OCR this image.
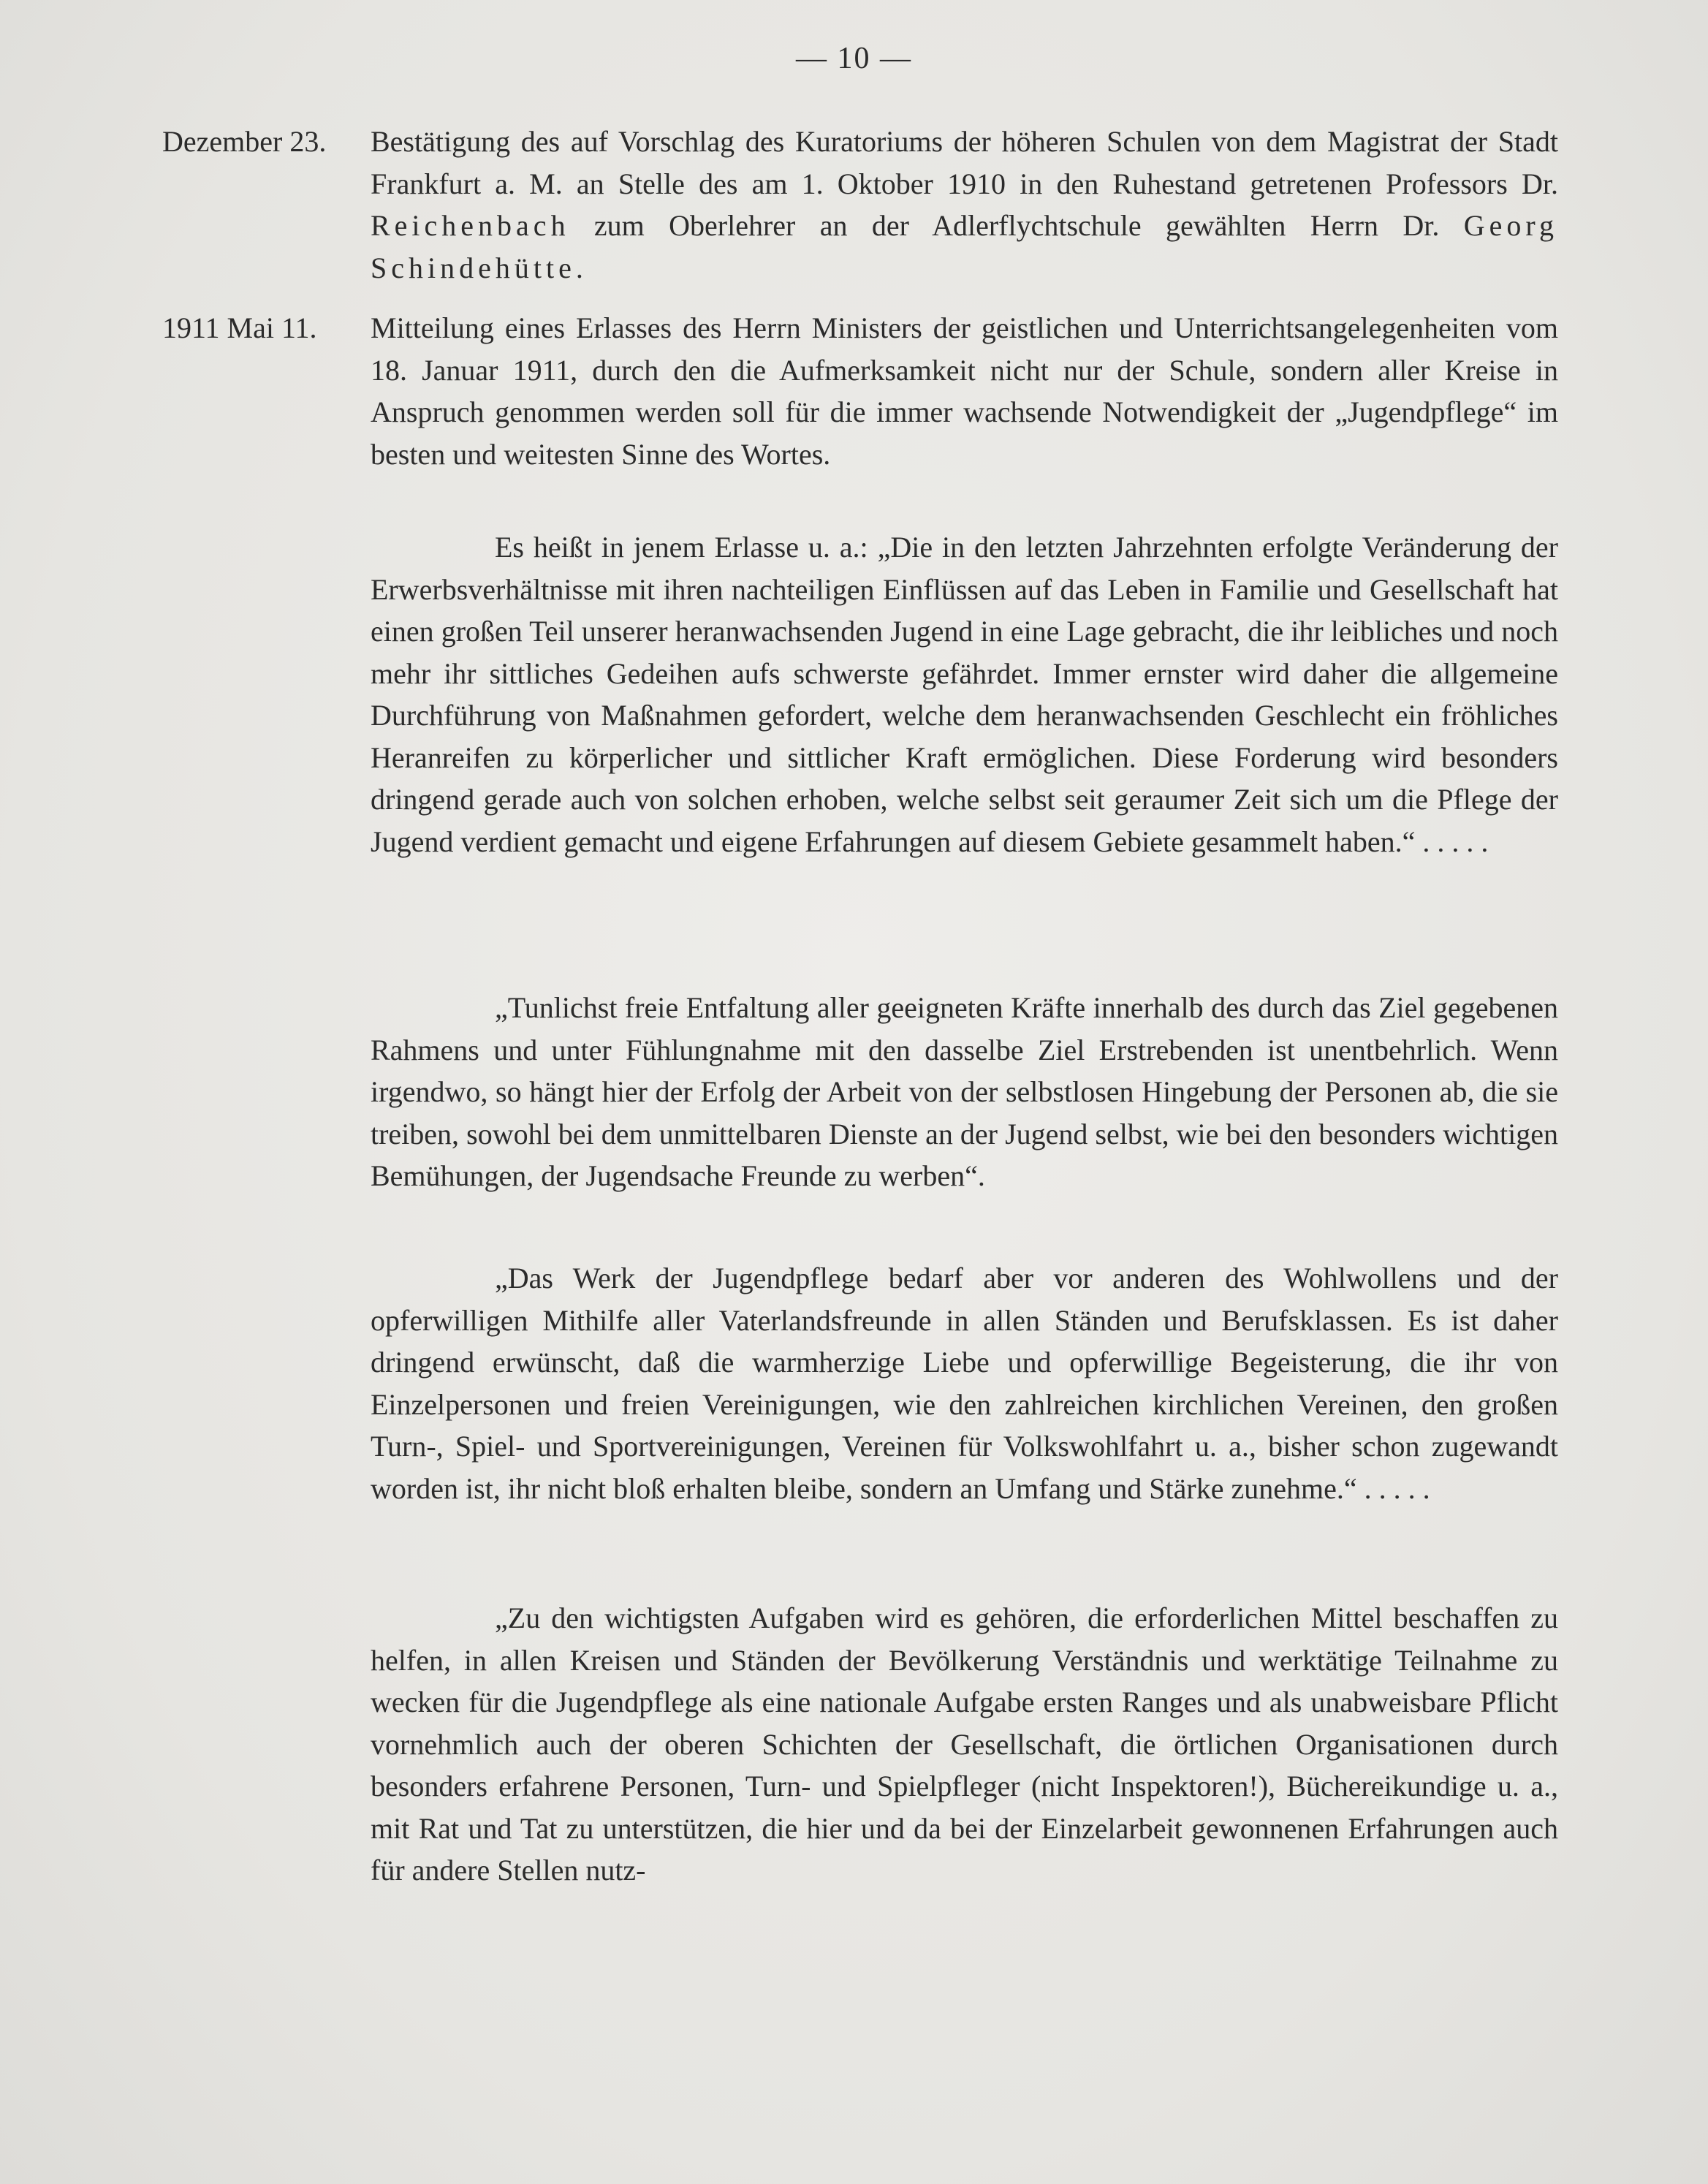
— 10 —
Dezember 23. Bestätigung des auf Vorschlag des Kuratoriums der höheren Schulen von dem Magistrat der Stadt Frankfurt a. M. an Stelle des am 1. Oktober 1910 in den Ruhestand getretenen Professors Dr. Reichenbach zum Oberlehrer an der Adlerflychtschule gewählten Herrn Dr. Georg Schindehütte.
1911 Mai 11. Mitteilung eines Erlasses des Herrn Ministers der geistlichen und Unterrichtsangelegenheiten vom 18. Januar 1911, durch den die Aufmerksamkeit nicht nur der Schule, sondern aller Kreise in Anspruch genommen werden soll für die immer wachsende Notwendigkeit der „Jugendpflege“ im besten und weitesten Sinne des Wortes.
Es heißt in jenem Erlasse u. a.: „Die in den letzten Jahrzehnten erfolgte Veränderung der Erwerbsverhältnisse mit ihren nachteiligen Einflüssen auf das Leben in Familie und Gesellschaft hat einen großen Teil unserer heranwachsenden Jugend in eine Lage gebracht, die ihr leibliches und noch mehr ihr sittliches Gedeihen aufs schwerste gefährdet. Immer ernster wird daher die allgemeine Durchführung von Maßnahmen gefordert, welche dem heranwachsenden Geschlecht ein fröhliches Heranreifen zu körperlicher und sittlicher Kraft ermöglichen. Diese Forderung wird besonders dringend gerade auch von solchen erhoben, welche selbst seit geraumer Zeit sich um die Pflege der Jugend verdient gemacht und eigene Erfahrungen auf diesem Gebiete gesammelt haben.“ . . . . .
„Tunlichst freie Entfaltung aller geeigneten Kräfte innerhalb des durch das Ziel gegebenen Rahmens und unter Fühlungnahme mit den dasselbe Ziel Erstrebenden ist unentbehrlich. Wenn irgendwo, so hängt hier der Erfolg der Arbeit von der selbstlosen Hingebung der Personen ab, die sie treiben, sowohl bei dem unmittelbaren Dienste an der Jugend selbst, wie bei den besonders wichtigen Bemühungen, der Jugendsache Freunde zu werben“.
„Das Werk der Jugendpflege bedarf aber vor anderen des Wohlwollens und der opferwilligen Mithilfe aller Vaterlandsfreunde in allen Ständen und Berufsklassen. Es ist daher dringend erwünscht, daß die warmherzige Liebe und opferwillige Begeisterung, die ihr von Einzelpersonen und freien Vereinigungen, wie den zahlreichen kirchlichen Vereinen, den großen Turn-, Spiel- und Sportvereinigungen, Vereinen für Volkswohlfahrt u. a., bisher schon zugewandt worden ist, ihr nicht bloß erhalten bleibe, sondern an Umfang und Stärke zunehme.“ . . . . .
„Zu den wichtigsten Aufgaben wird es gehören, die erforderlichen Mittel beschaffen zu helfen, in allen Kreisen und Ständen der Bevölkerung Verständnis und werktätige Teilnahme zu wecken für die Jugendpflege als eine nationale Aufgabe ersten Ranges und als unabweisbare Pflicht vornehmlich auch der oberen Schichten der Gesellschaft, die örtlichen Organisationen durch besonders erfahrene Personen, Turn- und Spielpfleger (nicht Inspektoren!), Büchereikundige u. a., mit Rat und Tat zu unterstützen, die hier und da bei der Einzelarbeit gewonnenen Erfahrungen auch für andere Stellen nutz-
